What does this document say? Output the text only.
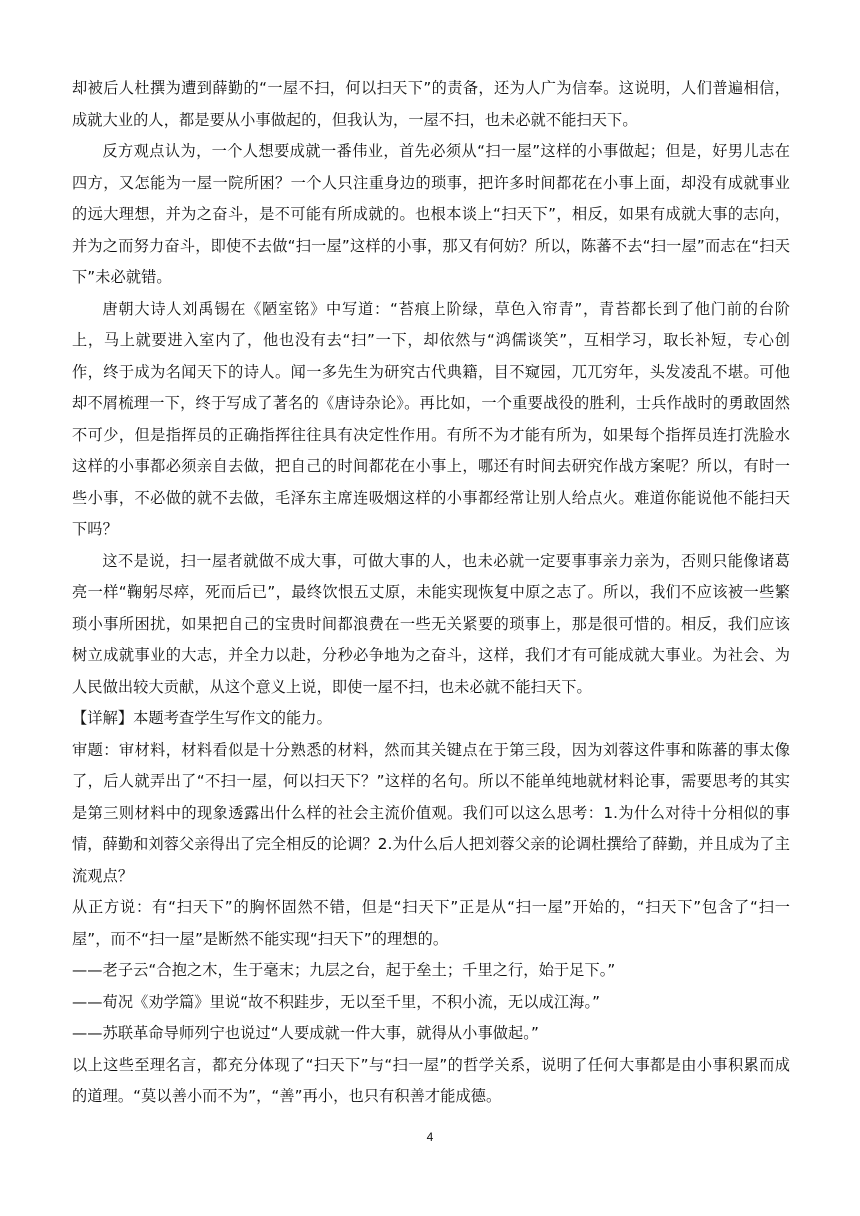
却被后人杜撰为遭到薛勤的“一屋不扫，何以扫天下”的责备，还为人广为信奉。这说明，人们普遍相信，成就大业的人，都是要从小事做起的，但我认为，一屋不扫，也未必就不能扫天下。

反方观点认为，一个人想要成就一番伟业，首先必须从“扫一屋”这样的小事做起；但是，好男儿志在四方，又怎能为一屋一院所困？一个人只注重身边的琐事，把许多时间都花在小事上面，却没有成就事业的远大理想，并为之奋斗，是不可能有所成就的。也根本谈上“扫天下”，相反，如果有成就大事的志向，并为之而努力奋斗，即使不去做“扫一屋”这样的小事，那又有何妨？所以，陈蕃不去“扫一屋”而志在“扫天下”未必就错。

唐朝大诗人刘禹锡在《陋室铭》中写道：“苔痕上阶绿，草色入帘青”，青苔都长到了他门前的台阶上，马上就要进入室内了，他也没有去“扫”一下，却依然与“鸿儒谈笑”，互相学习，取长补短，专心创作，终于成为名闻天下的诗人。闻一多先生为研究古代典籍，目不窥园，兀兀穷年，头发凌乱不堪。可他却不屑梳理一下，终于写成了著名的《唐诗杂论》。再比如，一个重要战役的胜利，士兵作战时的勇敢固然不可少，但是指挥员的正确指挥往往具有决定性作用。有所不为才能有所为，如果每个指挥员连打洗脸水这样的小事都必须亲自去做，把自己的时间都花在小事上，哪还有时间去研究作战方案呢？所以，有时一些小事，不必做的就不去做，毛泽东主席连吸烟这样的小事都经常让别人给点火。难道你能说他不能扫天下吗？

这不是说，扫一屋者就做不成大事，可做大事的人，也未必就一定要事事亲力亲为，否则只能像诸葛亮一样“鞠躬尽瘁，死而后已”，最终饮恨五丈原，未能实现恢复中原之志了。所以，我们不应该被一些繁琐小事所困扰，如果把自己的宝贵时间都浪费在一些无关紧要的琐事上，那是很可惜的。相反，我们应该树立成就事业的大志，并全力以赴，分秒必争地为之奋斗，这样，我们才有可能成就大事业。为社会、为人民做出较大贡献，从这个意义上说，即使一屋不扫，也未必就不能扫天下。

【详解】本题考查学生写作文的能力。

审题：审材料，材料看似是十分熟悉的材料，然而其关键点在于第三段，因为刘蓉这件事和陈蕃的事太像了，后人就弄出了“不扫一屋，何以扫天下？”这样的名句。所以不能单纯地就材料论事，需要思考的其实是第三则材料中的现象透露出什么样的社会主流价值观。我们可以这么思考：1.为什么对待十分相似的事情，薛勤和刘蓉父亲得出了完全相反的论调？2.为什么后人把刘蓉父亲的论调杜撰给了薛勤，并且成为了主流观点？

从正方说：有“扫天下”的胸怀固然不错，但是“扫天下”正是从“扫一屋”开始的，“扫天下”包含了“扫一屋”，而不“扫一屋”是断然不能实现“扫天下”的理想的。

——老子云“合抱之木，生于毫末；九层之台，起于垒土；千里之行，始于足下。”

——荀况《劝学篇》里说“故不积跬步，无以至千里，不积小流，无以成江海。”

——苏联革命导师列宁也说过“人要成就一件大事，就得从小事做起。”

以上这些至理名言，都充分体现了“扫天下”与“扫一屋”的哲学关系，说明了任何大事都是由小事积累而成的道理。“莫以善小而不为”，“善”再小，也只有积善才能成德。

4
